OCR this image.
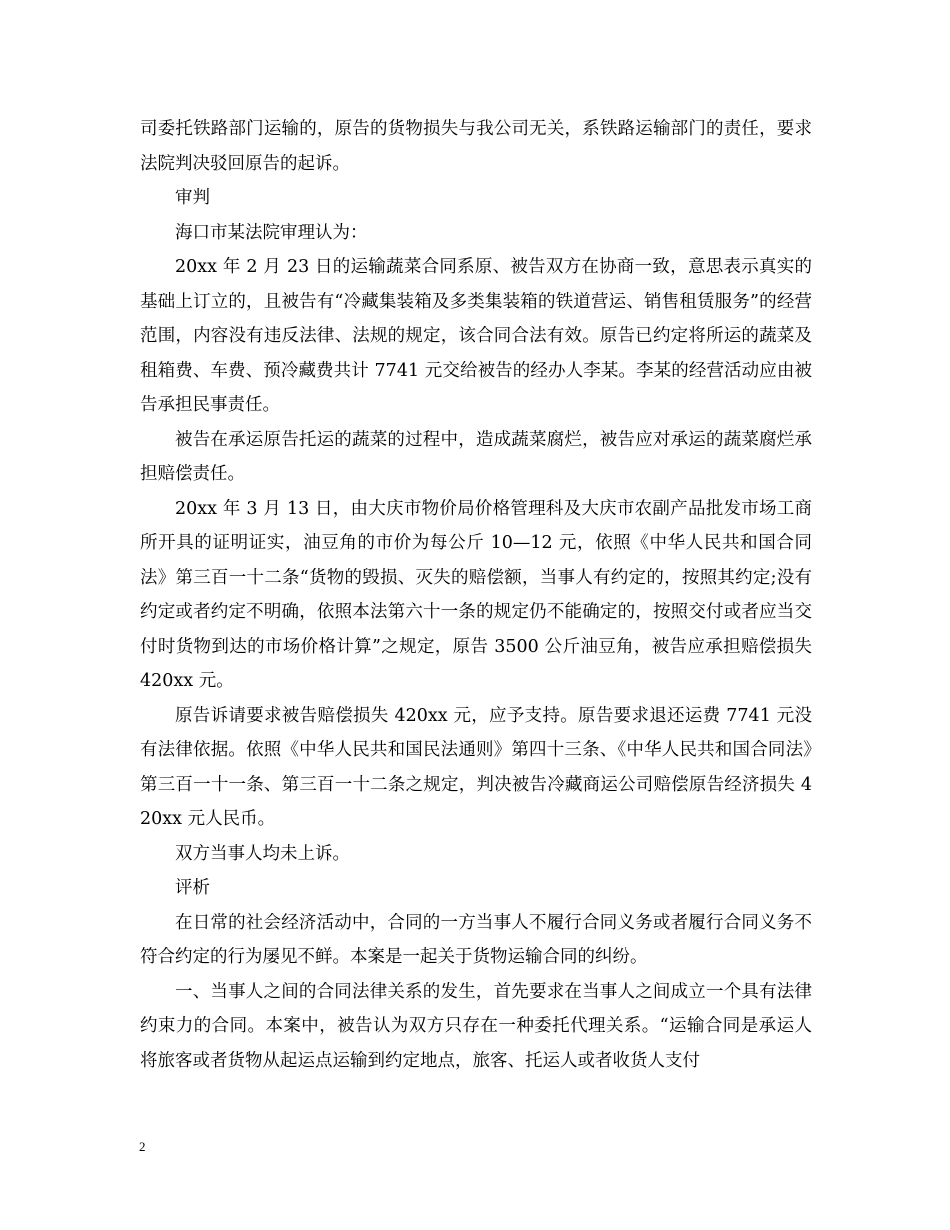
司委托铁路部门运输的，原告的货物损失与我公司无关，系铁路运输部门的责任，要求法院判决驳回原告的起诉。

审判

海口市某法院审理认为：

20xx 年 2 月 23 日的运输蔬菜合同系原、被告双方在协商一致，意思表示真实的基础上订立的，且被告有“冷藏集装箱及多类集装箱的铁道营运、销售租赁服务”的经营范围，内容没有违反法律、法规的规定，该合同合法有效。原告已约定将所运的蔬菜及租箱费、车费、预冷藏费共计 7741 元交给被告的经办人李某。李某的经营活动应由被告承担民事责任。

被告在承运原告托运的蔬菜的过程中，造成蔬菜腐烂，被告应对承运的蔬菜腐烂承担赔偿责任。

20xx 年 3 月 13 日，由大庆市物价局价格管理科及大庆市农副产品批发市场工商所开具的证明证实，油豆角的市价为每公斤 10—12 元，依照《中华人民共和国合同法》第三百一十二条“货物的毁损、灭失的赔偿额，当事人有约定的，按照其约定;没有约定或者约定不明确，依照本法第六十一条的规定仍不能确定的，按照交付或者应当交付时货物到达的市场价格计算”之规定，原告 3500 公斤油豆角，被告应承担赔偿损失 420xx 元。

原告诉请要求被告赔偿损失 420xx 元，应予支持。原告要求退还运费 7741 元没有法律依据。依照《中华人民共和国民法通则》第四十三条、《中华人民共和国合同法》第三百一十一条、第三百一十二条之规定，判决被告冷藏商运公司赔偿原告经济损失 420xx 元人民币。

双方当事人均未上诉。

评析

在日常的社会经济活动中，合同的一方当事人不履行合同义务或者履行合同义务不符合约定的行为屡见不鲜。本案是一起关于货物运输合同的纠纷。

一、当事人之间的合同法律关系的发生，首先要求在当事人之间成立一个具有法律约束力的合同。本案中，被告认为双方只存在一种委托代理关系。“运输合同是承运人将旅客或者货物从起运点运输到约定地点，旅客、托运人或者收货人支付

2
